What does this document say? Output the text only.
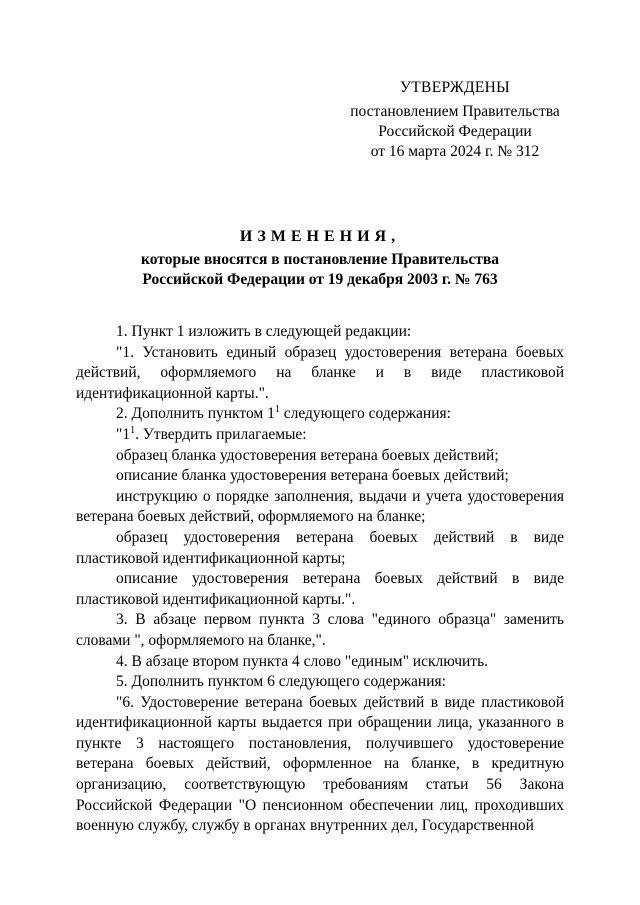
УТВЕРЖДЕНЫ
постановлением Правительства
Российской Федерации
от 16 марта 2024 г. № 312
ИЗМЕНЕНИЯ,
которые вносятся в постановление Правительства
Российской Федерации от 19 декабря 2003 г. № 763

1. Пункт 1 изложить в следующей редакции:

"1. Установить единый образец удостоверения ветерана боевых действий, оформляемого на бланке и в виде пластиковой идентификационной карты.".

2. Дополнить пунктом $1^1$ следующего содержания:

"$1^1$. Утвердить прилагаемые:

образец бланка удостоверения ветерана боевых действий;

описание бланка удостоверения ветерана боевых действий;

инструкцию о порядке заполнения, выдачи и учета удостоверения ветерана боевых действий, оформляемого на бланке;

образец удостоверения ветерана боевых действий в виде пластиковой идентификационной карты;

описание удостоверения ветерана боевых действий в виде пластиковой идентификационной карты.".

3. В абзаце первом пункта 3 слова "единого образца" заменить словами ", оформляемого на бланке,".

4. В абзаце втором пункта 4 слово "единым" исключить.

5. Дополнить пунктом 6 следующего содержания:

"6. Удостоверение ветерана боевых действий в виде пластиковой идентификационной карты выдается при обращении лица, указанного в пункте 3 настоящего постановления, получившего удостоверение ветерана боевых действий, оформленное на бланке, в кредитную организацию, соответствующую требованиям статьи 56 Закона Российской Федерации "О пенсионном обеспечении лиц, проходивших военную службу, службу в органах внутренних дел, Государственной
